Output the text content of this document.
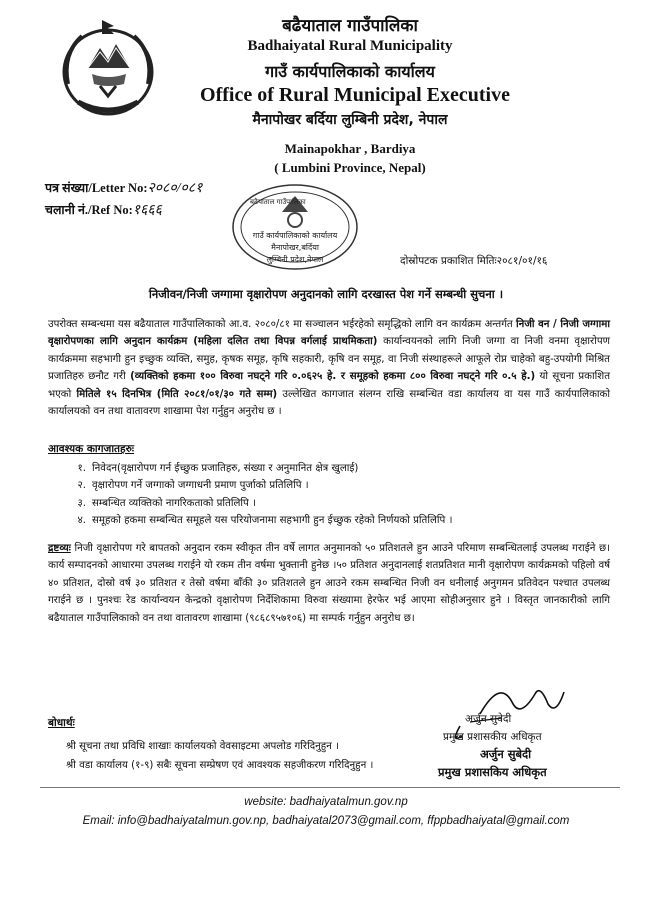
बढैयाताल गाउँपालिका
Badhaiyatal Rural Municipality
गाउँ कार्यपालिकाको कार्यालय
Office of Rural Municipal Executive
मैनापोखर बर्दिया लुम्बिनी प्रदेश, नेपाल
Mainapokhar , Bardiya
( Lumbini Province, Nepal)
पत्र संख्या/Letter No:२०८०/०८१
चलानी नं./Ref No:१६६६
गाउँ कार्यपालिकाको कार्यालय
मैनापोखर,बर्दिया
लुम्बिनी प्रदेश,नेपाल
बढैयाताल गाउँपालिका
दोस्रोपटक प्रकाशित मितिः२०८१/०१/१६
निजीवन/निजी जग्गामा वृक्षारोपण अनुदानको लागि दरखास्त पेश गर्ने सम्बन्धी सुचना ।
उपरोक्त सम्बन्धमा यस बढैयाताल गाउँपालिकाको आ.व. २०८०/८१ मा सञ्चालन भईरहेको समृद्धिको लागि वन कार्यक्रम अन्तर्गत निजी वन / निजी जग्गामा वृक्षारोपणका लागि अनुदान कार्यक्रम (महिला दलित तथा विपन्न वर्गलाई प्राथमिकता) कार्यान्वयनको लागि निजी जग्गा वा निजी वनमा वृक्षारोपण कार्यक्रममा सहभागी हुन इच्छुक व्यक्ति, समुह, कृषक समूह, कृषि सहकारी, कृषि वन समूह, वा निजी संस्थाहरूले आफूले रोप्न चाहेको बहु-उपयोगी मिश्रित प्रजातिहरु छनौट गरी (व्यक्तिको हकमा १०० विरुवा नघट्ने गरि ०.०६२५ हे. र समूहको हकमा ८०० विरुवा नघट्ने गरि ०.५ हे.) यो सूचना प्रकाशित भएको मितिले १५ दिनभित्र (मिति २०८१/०१/३० गते सम्म) उल्लेखित कागजात संलग्न राखि सम्बन्धित वडा कार्यालय वा यस गाउँ कार्यपालिकाको कार्यालयको वन तथा वातावरण शाखामा पेश गर्नुहुन अनुरोध छ ।
आवश्यक कागजातहरुः
१. निवेदन(वृक्षारोपण गर्न ईच्छुक प्रजातिहरु, संख्या र अनुमानित क्षेत्र खुलाई)
२. वृक्षारोपण गर्ने जग्गाको जग्गाधनी प्रमाण पुर्जाको प्रतिलिपि ।
३. सम्बन्धित व्यक्तिको नागरिकताको प्रतिलिपि ।
४. समूहको हकमा सम्बन्धित समूहले यस परियोजनामा सहभागी हुन ईच्छुक रहेको निर्णयको प्रतिलिपि ।
द्रष्टव्यः निजी वृक्षारोपण गरे बापतको अनुदान रकम स्वीकृत तीन वर्षे लागत अनुमानको ५० प्रतिशतले हुन आउने परिमाण सम्बन्धितलाई उपलब्ध गराईने छ। कार्य सम्पादनको आधारमा उपलब्ध गराईने यो रकम तीन वर्षमा भुक्तानी हुनेछ ।५० प्रतिशत अनुदानलाई शतप्रतिशत मानी वृक्षारोपण कार्यक्रमको पहिलो वर्ष ४० प्रतिशत, दोस्रो वर्ष ३० प्रतिशत र तेस्रो वर्षमा बाँकी ३० प्रतिशतले हुन आउने रकम सम्बन्धित निजी वन धनीलाई अनुगमन प्रतिवेदन पश्चात उपलब्ध गराईने छ । पुनश्चः रेड कार्यान्वयन केन्द्रको वृक्षारोपण निर्देशिकामा विरुवा संख्यामा हेरफेर भई आएमा सोहीअनुसार हुने । विस्तृत जानकारीको लागि बढैयाताल गाउँपालिकाको वन तथा वातावरण शाखामा (९८६८९५७१०६) मा सम्पर्क गर्नुहुन अनुरोध छ।
अर्जुन सुवेदी
प्रमुख प्रशासकीय अधिकृत
अर्जुन सुबेदी
प्रमुख प्रशासकिय अधिकृत
बोधार्थः
श्री सूचना तथा प्रविधि शाखाः कार्यालयको वेवसाइटमा अपलोड गरिदिनुहुन ।
श्री वडा कार्यालय (१-९) सबैः सूचना सम्प्रेषण एवं आवश्यक सहजीकरण गरिदिनुहुन ।
website: badhaiyatalmun.gov.np
Email: info@badhaiyatalmun.gov.np, badhaiyatal2073@gmail.com, ffppbadhaiyatal@gmail.com
